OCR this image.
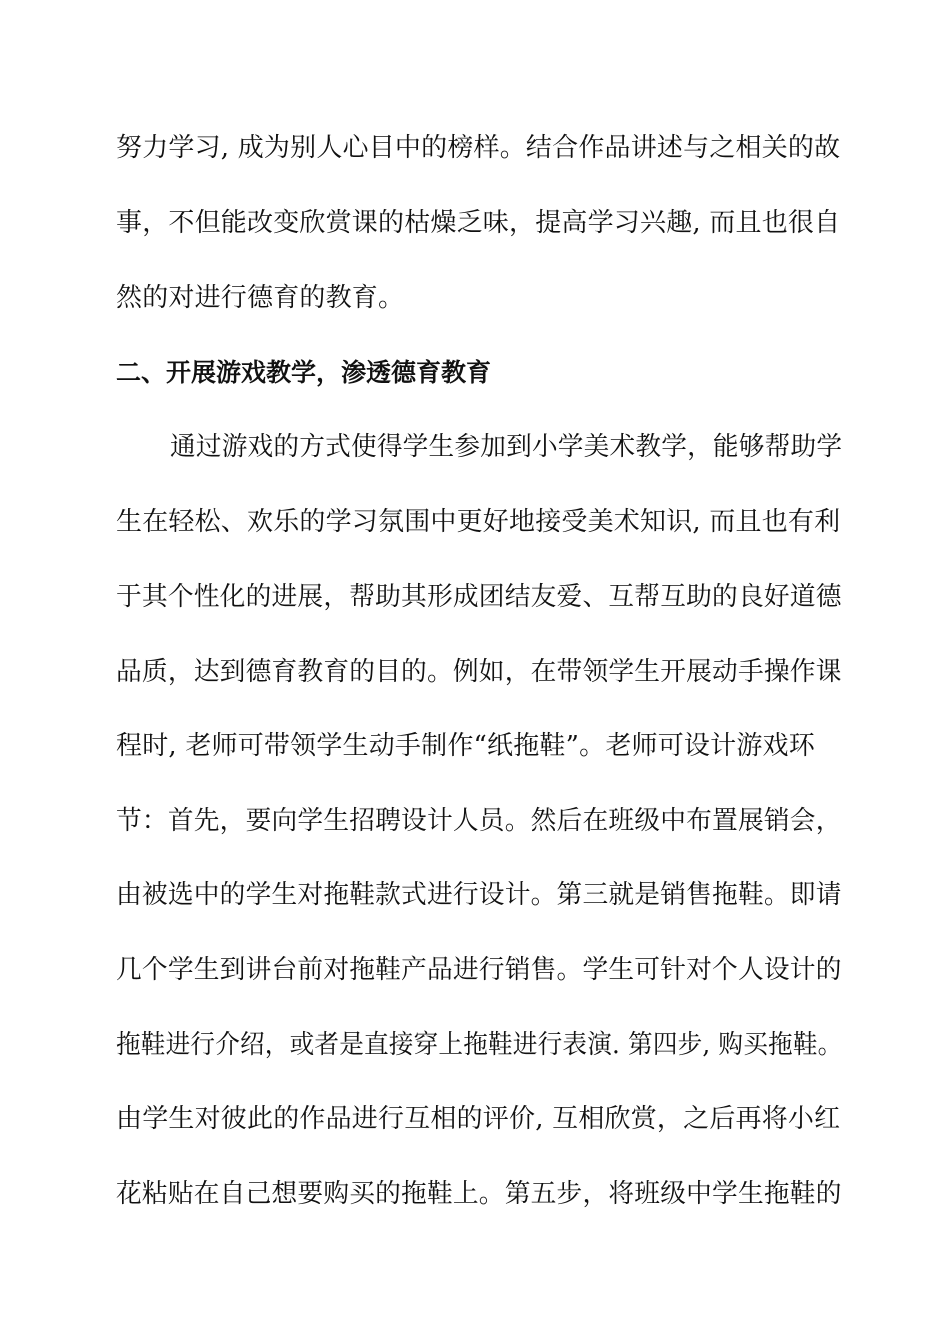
努力学习, 成为别人心目中的榜样。结合作品讲述与之相关的故
事，不但能改变欣赏课的枯燥乏味，提高学习兴趣, 而且也很自
然的对进行德育的教育。
二、开展游戏教学，渗透德育教育
通过游戏的方式使得学生参加到小学美术教学，能够帮助学
生在轻松、欢乐的学习氛围中更好地接受美术知识, 而且也有利
于其个性化的进展，帮助其形成团结友爱、互帮互助的良好道德
品质，达到德育教育的目的。例如，在带领学生开展动手操作课
程时, 老师可带领学生动手制作“纸拖鞋”。老师可设计游戏环
节：首先，要向学生招聘设计人员。然后在班级中布置展销会，
由被选中的学生对拖鞋款式进行设计。第三就是销售拖鞋。即请
几个学生到讲台前对拖鞋产品进行销售。学生可针对个人设计的
拖鞋进行介绍，或者是直接穿上拖鞋进行表演. 第四步, 购买拖鞋。
由学生对彼此的作品进行互相的评价, 互相欣赏，之后再将小红
花粘贴在自己想要购买的拖鞋上。第五步，将班级中学生拖鞋的
